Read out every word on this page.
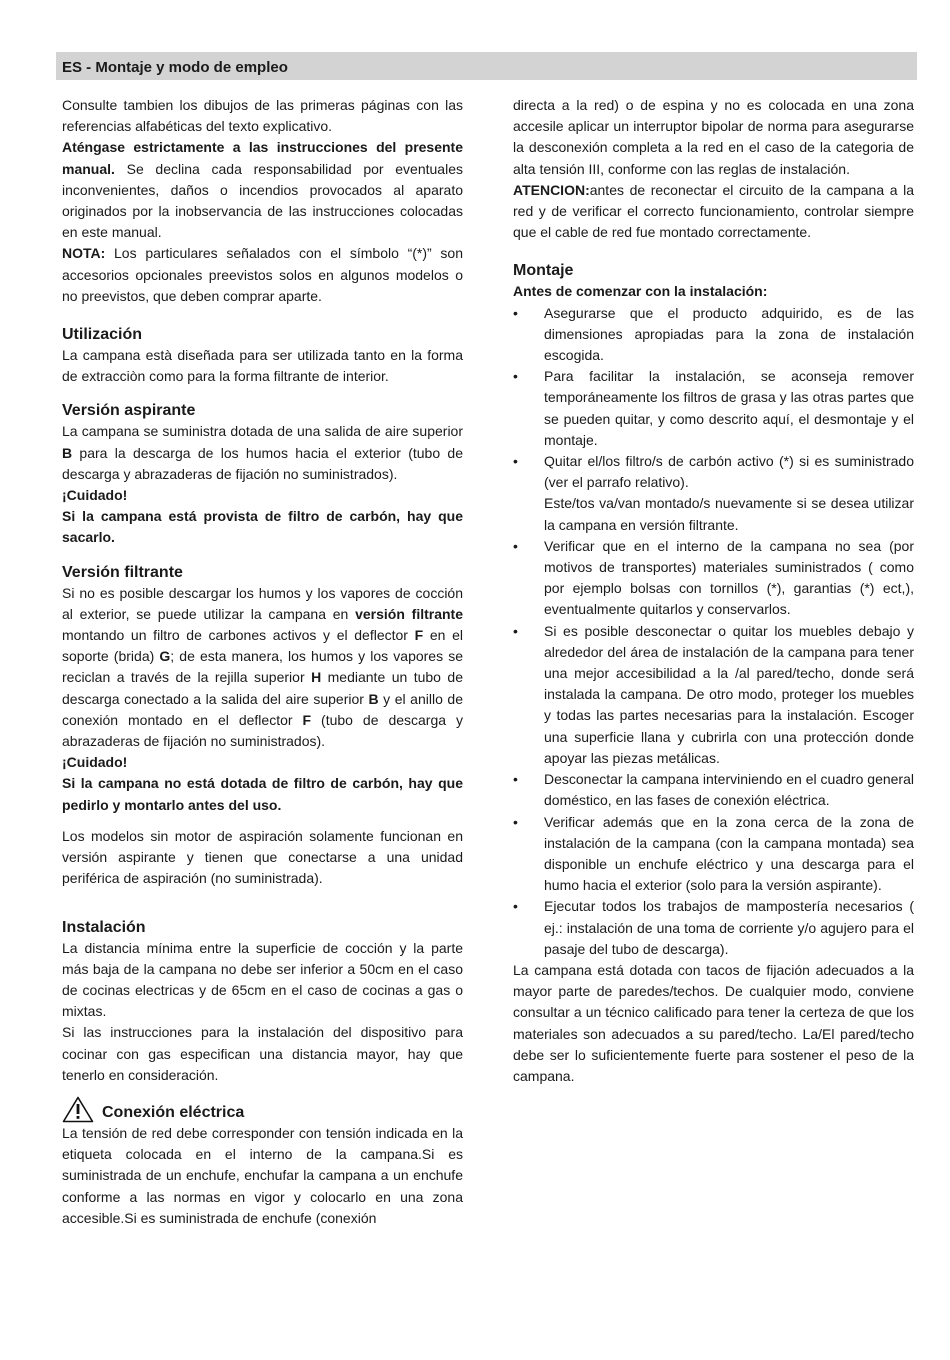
ES - Montaje y modo de empleo

Consulte tambien los dibujos de las primeras páginas con las referencias alfabéticas del texto explicativo.

Aténgase estrictamente a las instrucciones del presente manual. Se declina cada responsabilidad por eventuales inconvenientes, daños o incendios provocados al aparato originados por la inobservancia de las instrucciones colocadas en este manual.

NOTA: Los particulares señalados con el símbolo “(*)” son accesorios opcionales preevistos solos en algunos modelos o no preevistos, que deben comprar aparte.

Utilización

La campana està diseñada para ser utilizada tanto en la forma de extracciòn como para la forma filtrante de interior.

Versión aspirante

La campana se suministra dotada de una salida de aire superior B para la descarga de los humos hacia el exterior (tubo de descarga y abrazaderas de fijación no suministrados).

¡Cuidado!

Si la campana está provista de filtro de carbón, hay que sacarlo.

Versión filtrante

Si no es posible descargar los humos y los vapores de cocción al exterior, se puede utilizar la campana en versión filtrante montando un filtro de carbones activos y el deflector F en el soporte (brida) G; de esta manera, los humos y los vapores se reciclan a través de la rejilla superior H mediante un tubo de descarga conectado a la salida del aire superior B y el anillo de conexión montado en el deflector F (tubo de descarga y abrazaderas de fijación no suministrados).

¡Cuidado!

Si la campana no está dotada de filtro de carbón, hay que pedirlo y montarlo antes del uso.

Los modelos sin motor de aspiración solamente funcionan en versión aspirante y tienen que conectarse a una unidad periférica de aspiración (no suministrada).

Instalación

La distancia mínima entre la superficie de cocción y la parte más baja de la campana no debe ser inferior a 50cm en el caso de cocinas electricas y de 65cm en el caso de cocinas a gas o mixtas.

Si las instrucciones para la instalación del dispositivo para cocinar con gas especifican una distancia mayor, hay que tenerlo en consideración.

Conexión eléctrica

La tensión de red debe corresponder con tensión indicada en la etiqueta colocada en el interno de la campana.Si es suministrada de un enchufe, enchufar la campana a un enchufe conforme a las normas en vigor y colocarlo en una zona accesible.Si es suministrada de enchufe (conexión

directa a la red) o de espina y no es colocada en una zona accesile aplicar un interruptor bipolar de norma para asegurarse la desconexión completa a la red en el caso de la categoria de alta tensión III, conforme con las reglas de instalación.

ATENCION:antes de reconectar el circuito de la campana a la red y de verificar el correcto funcionamiento, controlar siempre que el cable de red fue montado correctamente.

Montaje

Antes de comenzar con la instalación:

• Asegurarse que el producto adquirido, es de las dimensiones apropiadas para la zona de instalación escogida.
• Para facilitar la instalación, se aconseja remover temporáneamente los filtros de grasa y las otras partes que se pueden quitar, y como descrito aquí, el desmontaje y el montaje.
• Quitar el/los filtro/s de carbón activo (*) si es suministrado (ver el parrafo relativo).
Este/tos va/van montado/s nuevamente si se desea utilizar la campana en versión filtrante.
• Verificar que en el interno de la campana no sea (por motivos de transportes) materiales suministrados ( como por ejemplo bolsas con tornillos (*), garantias (*) ect,), eventualmente quitarlos y conservarlos.
• Si es posible desconectar o quitar los muebles debajo y alrededor del área de instalación de la campana para tener una mejor accesibilidad a la /al pared/techo, donde será instalada la campana. De otro modo, proteger los muebles y todas las partes necesarias para la instalación. Escoger una superficie llana y cubrirla con una protección donde apoyar las piezas metálicas.
• Desconectar la campana interviniendo en el cuadro general doméstico, en las fases de conexión eléctrica.
• Verificar además que en la zona cerca de la zona de instalación de la campana (con la campana montada) sea disponible un enchufe eléctrico y una descarga para el humo hacia el exterior (solo para la versión aspirante).
• Ejecutar todos los trabajos de mampostería necesarios ( ej.: instalación de una toma de corriente y/o agujero para el pasaje del tubo de descarga).

La campana está dotada con tacos de fijación adecuados a la mayor parte de paredes/techos. De cualquier modo, conviene consultar a un técnico calificado para tener la certeza de que los materiales son adecuados a su pared/techo. La/El pared/techo debe ser lo suficientemente fuerte para sostener el peso de la campana.
